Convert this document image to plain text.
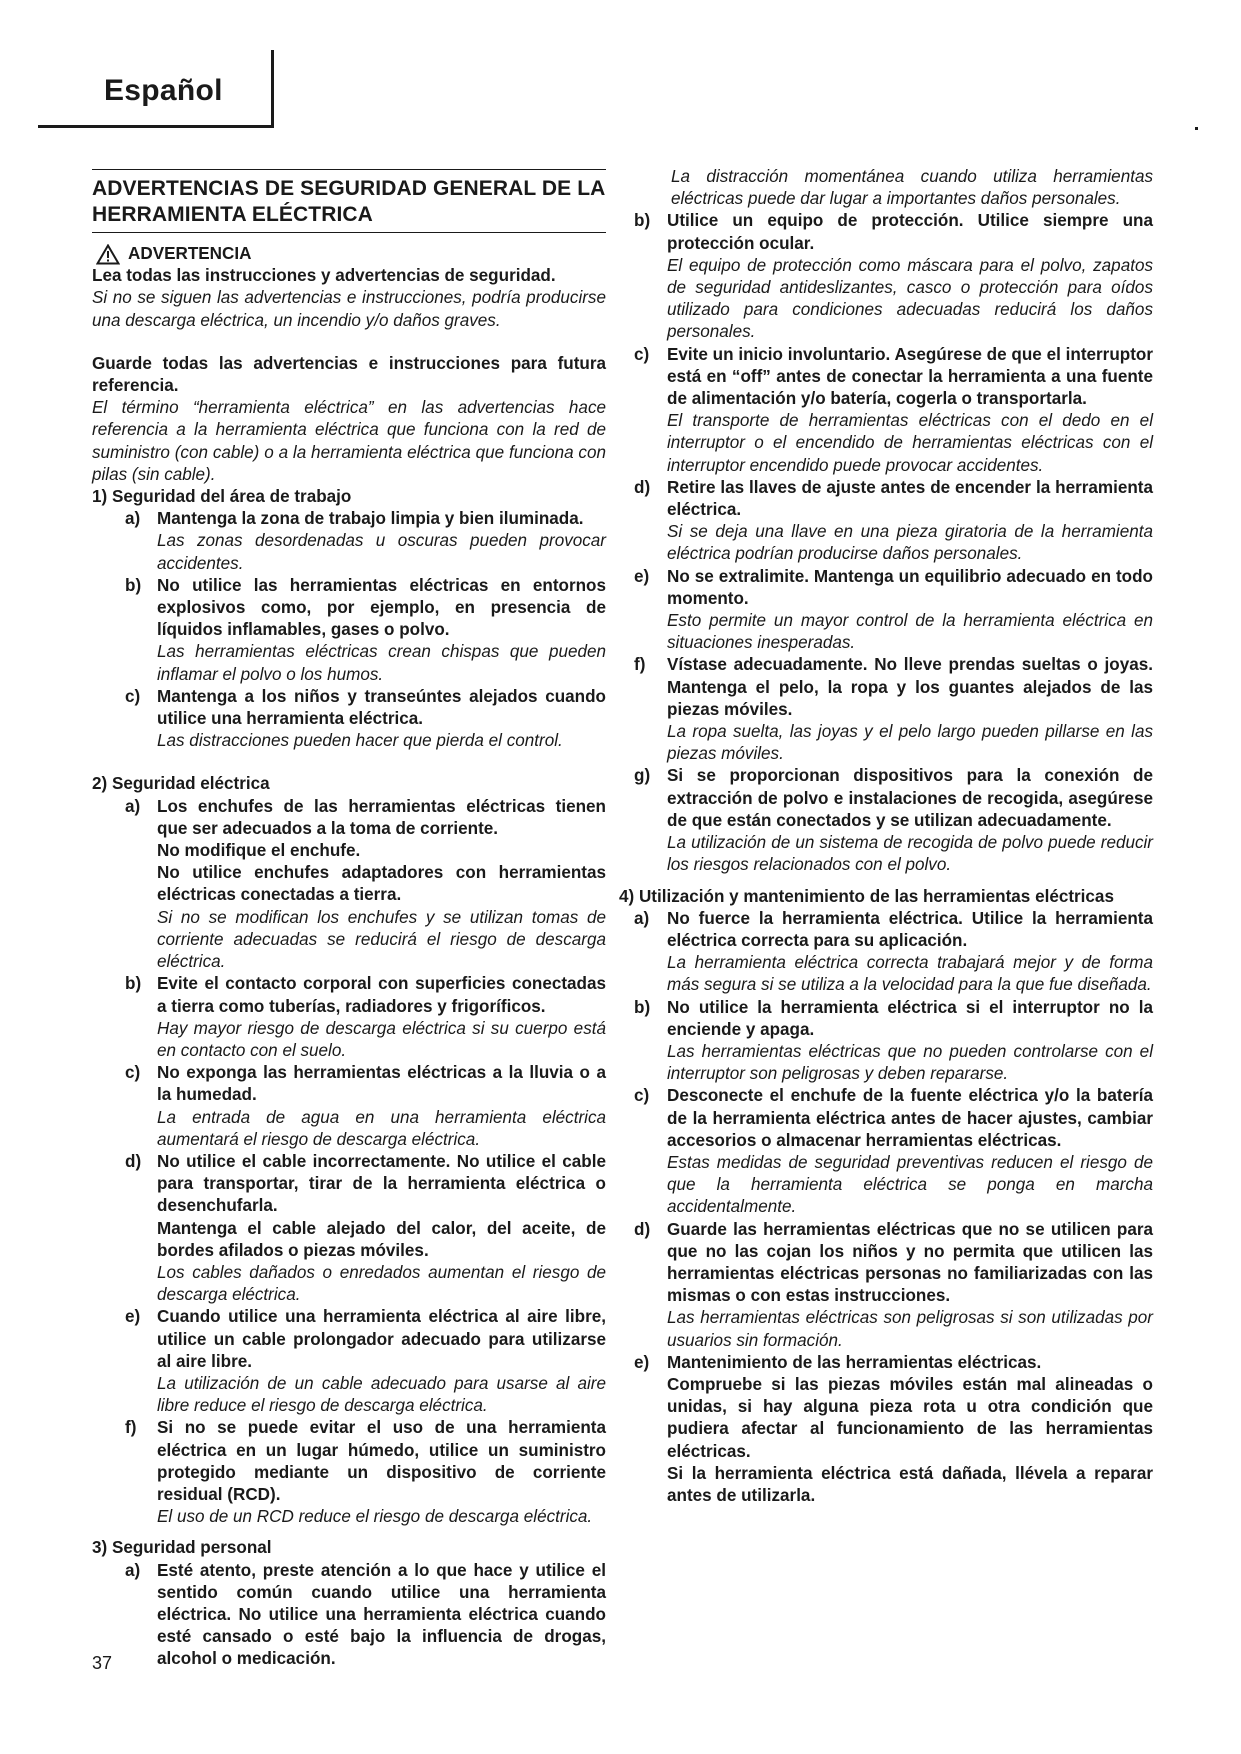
Español
ADVERTENCIAS DE SEGURIDAD GENERAL DE LA HERRAMIENTA ELÉCTRICA
ADVERTENCIA

Lea todas las instrucciones y advertencias de seguridad.

Si no se siguen las advertencias e instrucciones, podría producirse una descarga eléctrica, un incendio y/o daños graves.

Guarde todas las advertencias e instrucciones para futura referencia.

El término “herramienta eléctrica” en las advertencias hace referencia a la herramienta eléctrica que funciona con la red de suministro (con cable) o a la herramienta eléctrica que funciona con pilas (sin cable).

1) Seguridad del área de trabajo

a) Mantenga la zona de trabajo limpia y bien iluminada.

Las zonas desordenadas u oscuras pueden provocar accidentes.

b) No utilice las herramientas eléctricas en entornos explosivos como, por ejemplo, en presencia de líquidos inflamables, gases o polvo.

Las herramientas eléctricas crean chispas que pueden inflamar el polvo o los humos.

c) Mantenga a los niños y transeúntes alejados cuando utilice una herramienta eléctrica.

Las distracciones pueden hacer que pierda el control.

2) Seguridad eléctrica

a) Los enchufes de las herramientas eléctricas tienen que ser adecuados a la toma de corriente.

No modifique el enchufe.

No utilice enchufes adaptadores con herramientas eléctricas conectadas a tierra.

Si no se modifican los enchufes y se utilizan tomas de corriente adecuadas se reducirá el riesgo de descarga eléctrica.

b) Evite el contacto corporal con superficies conectadas a tierra como tuberías, radiadores y frigoríficos.

Hay mayor riesgo de descarga eléctrica si su cuerpo está en contacto con el suelo.

c) No exponga las herramientas eléctricas a la lluvia o a la humedad.

La entrada de agua en una herramienta eléctrica aumentará el riesgo de descarga eléctrica.

d) No utilice el cable incorrectamente. No utilice el cable para transportar, tirar de la herramienta eléctrica o desenchufarla.

Mantenga el cable alejado del calor, del aceite, de bordes afilados o piezas móviles.

Los cables dañados o enredados aumentan el riesgo de descarga eléctrica.

e) Cuando utilice una herramienta eléctrica al aire libre, utilice un cable prolongador adecuado para utilizarse al aire libre.

La utilización de un cable adecuado para usarse al aire libre reduce el riesgo de descarga eléctrica.

f)	Si no se puede evitar el uso de una herramienta eléctrica en un lugar húmedo, utilice un suministro protegido mediante un dispositivo de corriente residual (RCD).

El uso de un RCD reduce el riesgo de descarga eléctrica.

3) Seguridad personal

a) Esté atento, preste atención a lo que hace y utilice el sentido común cuando utilice una herramienta eléctrica. No utilice una herramienta eléctrica cuando esté cansado o esté bajo la influencia de drogas, alcohol o medicación.

La distracción momentánea cuando utiliza herramientas eléctricas puede dar lugar a importantes daños personales.

b) Utilice un equipo de protección. Utilice siempre una protección ocular.

El equipo de protección como máscara para el polvo, zapatos de seguridad antideslizantes, casco o protección para oídos utilizado para condiciones adecuadas reducirá los daños personales.

c)	Evite un inicio involuntario. Asegúrese de que el interruptor está en “off” antes de conectar la herramienta a una fuente de alimentación y/o batería, cogerla o transportarla.

El transporte de herramientas eléctricas con el dedo en el interruptor o el encendido de herramientas eléctricas con el interruptor encendido puede provocar accidentes.

d) Retire las llaves de ajuste antes de encender la herramienta eléctrica.

Si se deja una llave en una pieza giratoria de la herramienta eléctrica podrían producirse daños personales.

e)	No se extralimite. Mantenga un equilibrio adecuado en todo momento.

Esto permite un mayor control de la herramienta eléctrica en situaciones inesperadas.

f)	Vístase adecuadamente. No lleve prendas sueltas o joyas. Mantenga el pelo, la ropa y los guantes alejados de las piezas móviles.

La ropa suelta, las joyas y el pelo largo pueden pillarse en las piezas móviles.

g) Si se proporcionan dispositivos para la conexión de extracción de polvo e instalaciones de recogida, asegúrese de que están conectados y se utilizan adecuadamente.

La utilización de un sistema de recogida de polvo puede reducir los riesgos relacionados con el polvo.

4) Utilización y mantenimiento de las herramientas eléctricas

a)	No fuerce la herramienta eléctrica. Utilice la herramienta eléctrica correcta para su aplicación.

La herramienta eléctrica correcta trabajará mejor y de forma más segura si se utiliza a la velocidad para la que fue diseñada.

b) No utilice la herramienta eléctrica si el interruptor no la enciende y apaga.

Las herramientas eléctricas que no pueden controlarse con el interruptor son peligrosas y deben repararse.

c)	Desconecte el enchufe de la fuente eléctrica y/o la batería de la herramienta eléctrica antes de hacer ajustes, cambiar accesorios o almacenar herramientas eléctricas.

Estas medidas de seguridad preventivas reducen el riesgo de que la herramienta eléctrica se ponga en marcha accidentalmente.

d) Guarde las herramientas eléctricas que no se utilicen para que no las cojan los niños y no permita que utilicen las herramientas eléctricas personas no familiarizadas con las mismas o con estas instrucciones.

Las herramientas eléctricas son peligrosas si son utilizadas por usuarios sin formación.

e)	Mantenimiento de las herramientas eléctricas.

Compruebe si las piezas móviles están mal alineadas o unidas, si hay alguna pieza rota u otra condición que pudiera afectar al funcionamiento de las herramientas eléctricas.

Si la herramienta eléctrica está dañada, llévela a reparar antes de utilizarla.

37
